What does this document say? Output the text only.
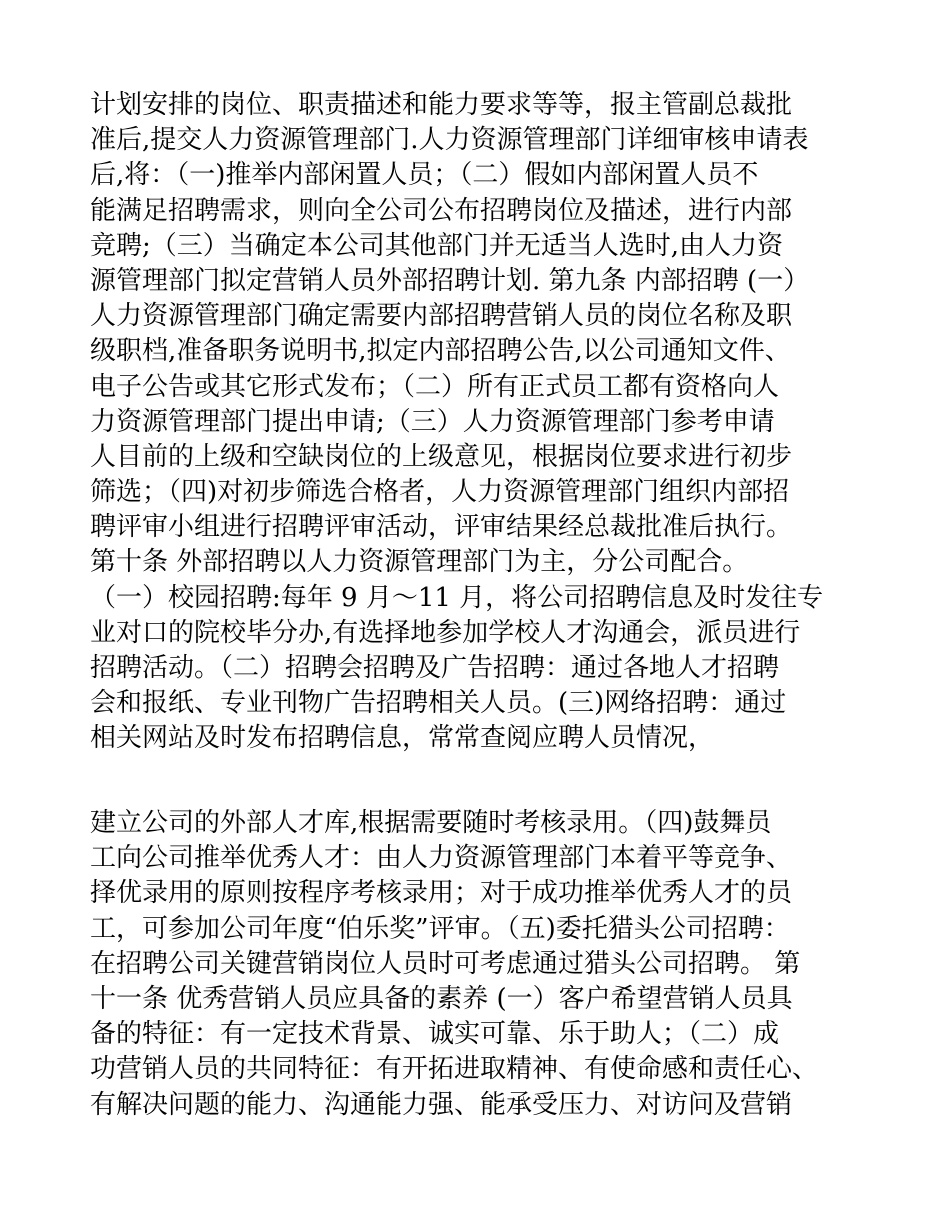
计划安排的岗位、职责描述和能力要求等等，报主管副总裁批
准后,提交人力资源管理部门.人力资源管理部门详细审核申请表
后,将：（一)推举内部闲置人员；（二）假如内部闲置人员不
能满足招聘需求，则向全公司公布招聘岗位及描述，进行内部
竞聘;（三）当确定本公司其他部门并无适当人选时,由人力资
源管理部门拟定营销人员外部招聘计划. 第九条 内部招聘 (一）
人力资源管理部门确定需要内部招聘营销人员的岗位名称及职
级职档,准备职务说明书,拟定内部招聘公告,以公司通知文件、
电子公告或其它形式发布；（二）所有正式员工都有资格向人
力资源管理部门提出申请;（三）人力资源管理部门参考申请
人目前的上级和空缺岗位的上级意见，根据岗位要求进行初步
筛选；（四)对初步筛选合格者，人力资源管理部门组织内部招
聘评审小组进行招聘评审活动，评审结果经总裁批准后执行。
第十条 外部招聘以人力资源管理部门为主，分公司配合。
（一）校园招聘:每年 9 月～11 月，将公司招聘信息及时发往专
业对口的院校毕分办,有选择地参加学校人才沟通会，派员进行
招聘活动。（二）招聘会招聘及广告招聘：通过各地人才招聘
会和报纸、专业刊物广告招聘相关人员。(三)网络招聘：通过
相关网站及时发布招聘信息，常常查阅应聘人员情况，
建立公司的外部人才库,根据需要随时考核录用。（四)鼓舞员
工向公司推举优秀人才：由人力资源管理部门本着平等竞争、
择优录用的原则按程序考核录用；对于成功推举优秀人才的员
工，可参加公司年度“伯乐奖”评审。（五)委托猎头公司招聘：
在招聘公司关键营销岗位人员时可考虑通过猎头公司招聘。 第
十一条 优秀营销人员应具备的素养 (一）客户希望营销人员具
备的特征：有一定技术背景、诚实可靠、乐于助人；（二）成
功营销人员的共同特征：有开拓进取精神、有使命感和责任心、
有解决问题的能力、沟通能力强、能承受压力、对访问及营销
